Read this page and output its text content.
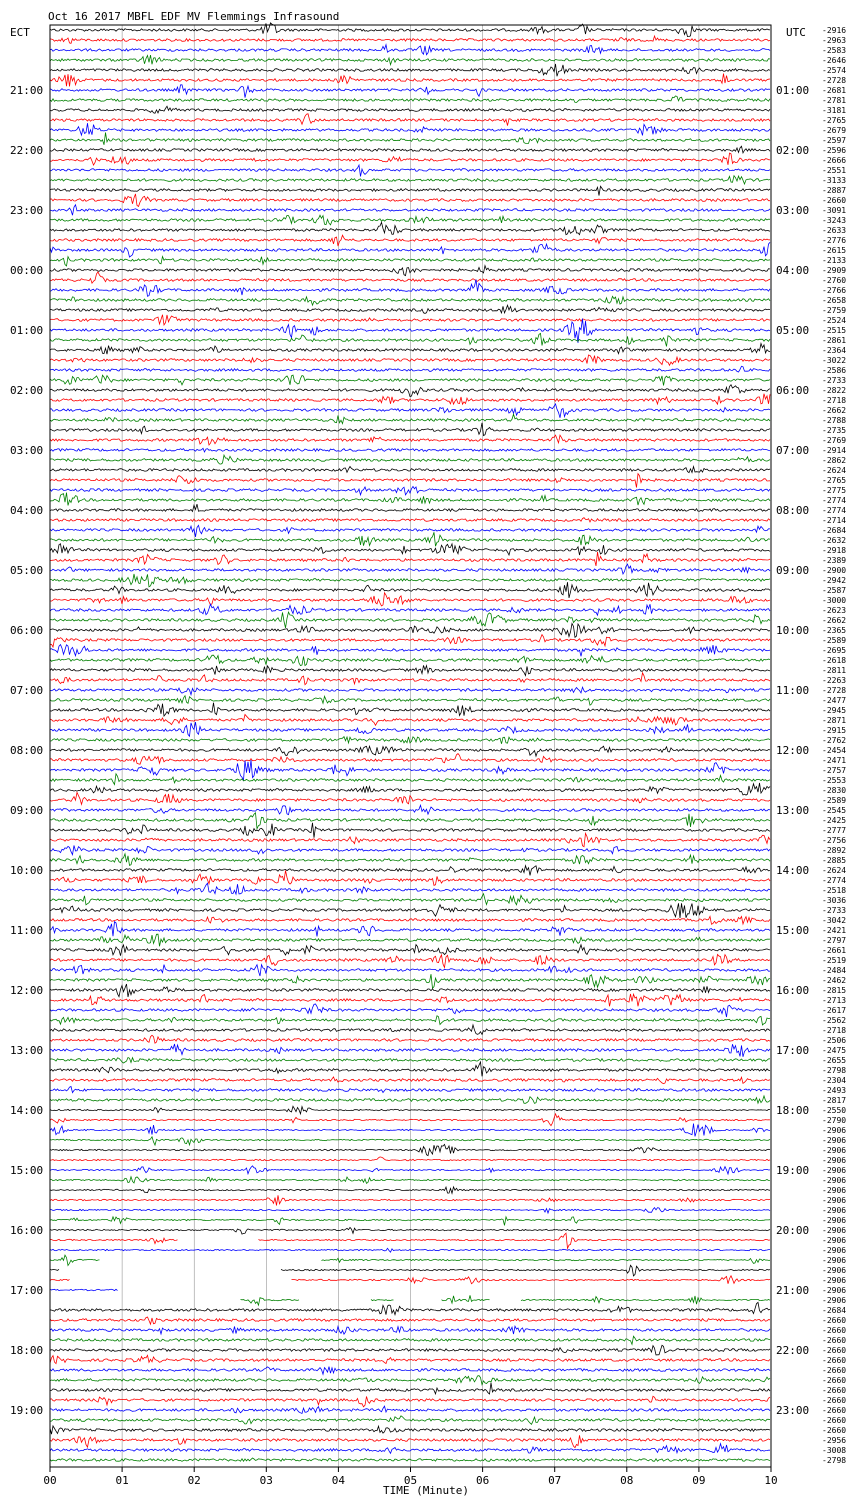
Oct 16 2017 MBFL EDF MV Flemmings Infrasound
ECT	UTC
21:00
22:00
23:00
00:00
01:00
02:00
03:00
04:00
05:00
06:00
07:00
08:00
09:00
10:00
11:00
12:00
13:00
14:00
15:00
16:00
17:00
18:00
19:00
01:00
02:00
03:00
04:00
05:00
06:00
07:00
08:00
09:00
10:00
11:00
12:00
13:00
14:00
15:00
16:00
17:00
18:00
19:00
20:00
21:00
22:00
23:00
-2916
-2963
-2583
-2646
-2574
-2728
-2681
-2781
-3181
-2765
-2679
-2597
-2596
-2666
-2551
-3133
-2887
-2660
-3091
-3243
-2633
-2776
-2615
-2133
-2909
-2760
-2766
-2658
-2759
-2524
-2515
-2861
-2364
-3022
-2586
-2733
-2822
-2718
-2662
-2788
-2735
-2769
-2914
-2862
-2624
-2765
-2775
-2774
-2774
-2714
-2684
-2632
-2918
-2389
-2900
-2942
-2587
-3000
-2623
-2662
-2365
-2589
-2695
-2618
-2811
-2263
-2728
-2477
-2945
-2871
-2915
-2762
-2454
-2471
-2757
-2553
-2830
-2589
-2545
-2425
-2777
-2756
-2892
-2885
-2624
-2774
-2518
-3036
-2733
-3042
-2421
-2797
-2661
-2519
-2484
-2462
-2815
-2713
-2617
-2562
-2718
-2506
-2475
-2655
-2798
-2304
-2493
-2817
-2550
-2790
-2906
-2906
-2906
-2906
-2906
-2906
-2906
-2906
-2906
-2906
-2906
-2906
-2906
-2906
-2906
-2906
-2906
-2906
-2684
-2660
-2660
-2660
-2660
-2660
-2660
-2660
-2660
-2660
-2660
-2660
-2660
-2956
-3008
-2798
00	01	02	03	04	05	06	07	08	09	10
TIME (Minute)
